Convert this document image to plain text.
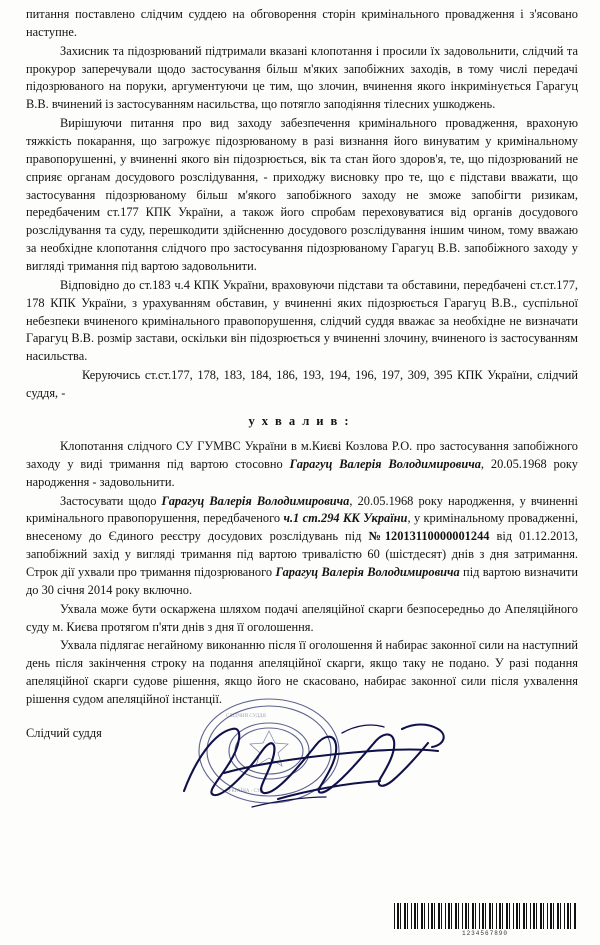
питання поставлено слідчим суддею на обговорення сторін кримінального провадження і з'ясовано наступне.

Захисник та підозрюваний підтримали вказані клопотання і просили їх задовольнити, слідчий та прокурор заперечували щодо застосування більш м'яких запобіжних заходів, в тому числі передачі підозрюваного на поруки, аргументуючи це тим, що злочин, вчинення якого інкримінується Гарагуц В.В. вчинений із застосуванням насильства, що потягло заподіяння тілесних ушкоджень.

Вирішуючи питання про вид заходу забезпечення кримінального провадження, врахоную тяжкість покарання, що загрожує підозрюваному в разі визнання його винуватим у кримінальному правопорушенні, у вчиненні якого він підозрюється, вік та стан його здоров'я, те, що підозрюваний не сприяє органам досудового розслідування, - приходжу висновку про те, що є підстави вважати, що застосування підозрюваному більш м'якого запобіжного заходу не зможе запобігти ризикам, передбаченим ст.177 КПК України, а також його спробам переховуватися від органів досудового розслідування та суду, перешкодити здійсненню досудового розслідування іншим чином, тому вважаю за необхідне клопотання слідчого про застосування підозрюваному Гарагуц В.В. запобіжного заходу у вигляді тримання під вартою задовольнити.

Відповідно до ст.183 ч.4 КПК України, враховуючи підстави та обставини, передбачені ст.ст.177, 178 КПК України, з урахуванням обставин, у вчиненні яких підозрюється Гарагуц В.В., суспільної небезпеки вчиненого кримінального правопорушення, слідчий суддя вважає за необхідне не визначати Гарагуц В.В. розмір застави, оскільки він підозрюється у вчиненні злочину, вчиненого із застосуванням насильства.

Керуючись ст.ст.177, 178, 183, 184, 186, 193, 194, 196, 197, 309, 395 КПК України, слідчий суддя, -

ухвалив:

Клопотання слідчого СУ ГУМВС України в м.Києві Козлова Р.О. про застосування запобіжного заходу у виді тримання під вартою стосовно Гарагуц Валерія Володимировича, 20.05.1968 року народження - задовольнити.

Застосувати щодо Гарагуц Валерія Володимировича, 20.05.1968 року народження, у вчиненні кримінального правопорушення, передбаченого ч.1 ст.294 КК України, у кримінальному провадженні, внесеному до Єдиного реєстру досудових розслідувань під №12013110000001244 від 01.12.2013, запобіжний захід у вигляді тримання під вартою тривалістю 60 (шістдесят) днів з дня затримання. Строк дії ухвали про тримання підозрюваного Гарагуц Валерія Володимировича під вартою визначити до 30 січня 2014 року включно.

Ухвала може бути оскаржена шляхом подачі апеляційної скарги безпосередньо до Апеляційного суду м. Києва протягом п'яти днів з дня її оголошення.

Ухвала підлягає негайному виконанню після її оголошення й набирає законної сили на наступний день після закінчення строку на подання апеляційної скарги, якщо таку не подано. У разі подання апеляційної скарги судове рішення, якщо його не скасовано, набирає законної сили після ухвалення рішення судом апеляційної інстанції.

Слідчий суддя
СЛІДЧИЙ СУДДЯ
УКРАЇНА · СУД
1234567890
